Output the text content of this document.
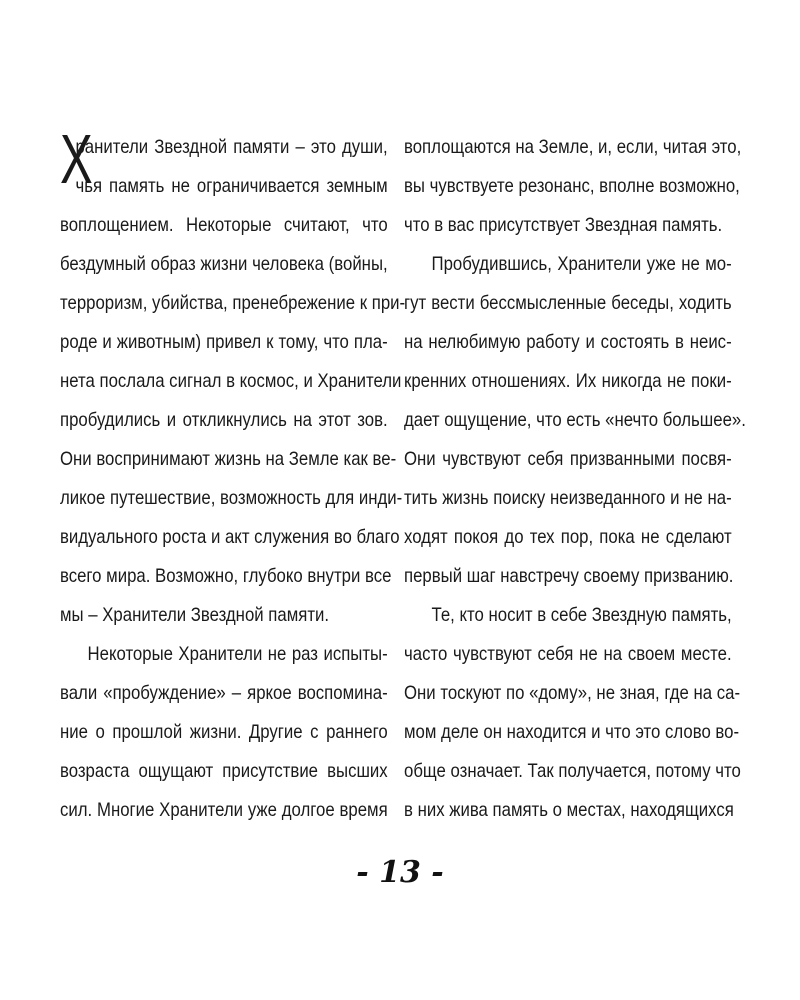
Х
ранители Звездной памяти – это души,
чья память не ограничивается земным
воплощением. Некоторые считают, что
бездумный образ жизни человека (войны,
терроризм, убийства, пренебрежение к при-
роде и животным) привел к тому, что пла-
нета послала сигнал в космос, и Хранители
пробудились и откликнулись на этот зов.
Они воспринимают жизнь на Земле как ве-
ликое путешествие, возможность для инди-
видуального роста и акт служения во благо
всего мира. Возможно, глубоко внутри все
мы – Хранители Звездной памяти.
Некоторые Хранители не раз испыты-
вали «пробуждение» – яркое воспомина-
ние о прошлой жизни. Другие с раннего
возраста ощущают присутствие высших
сил. Многие Хранители уже долгое время
воплощаются на Земле, и, если, читая это,
вы чувствуете резонанс, вполне возможно,
что в вас присутствует Звездная память.
Пробудившись, Хранители уже не мо-
гут вести бессмысленные беседы, ходить
на нелюбимую работу и состоять в неис-
кренних отношениях. Их никогда не поки-
дает ощущение, что есть «нечто большее».
Они чувствуют себя призванными посвя-
тить жизнь поиску неизведанного и не на-
ходят покоя до тех пор, пока не сделают
первый шаг навстречу своему призванию.
Те, кто носит в себе Звездную память,
часто чувствуют себя не на своем месте.
Они тоскуют по «дому», не зная, где на са-
мом деле он находится и что это слово во-
обще означает. Так получается, потому что
в них жива память о местах, находящихся
- 13 -
